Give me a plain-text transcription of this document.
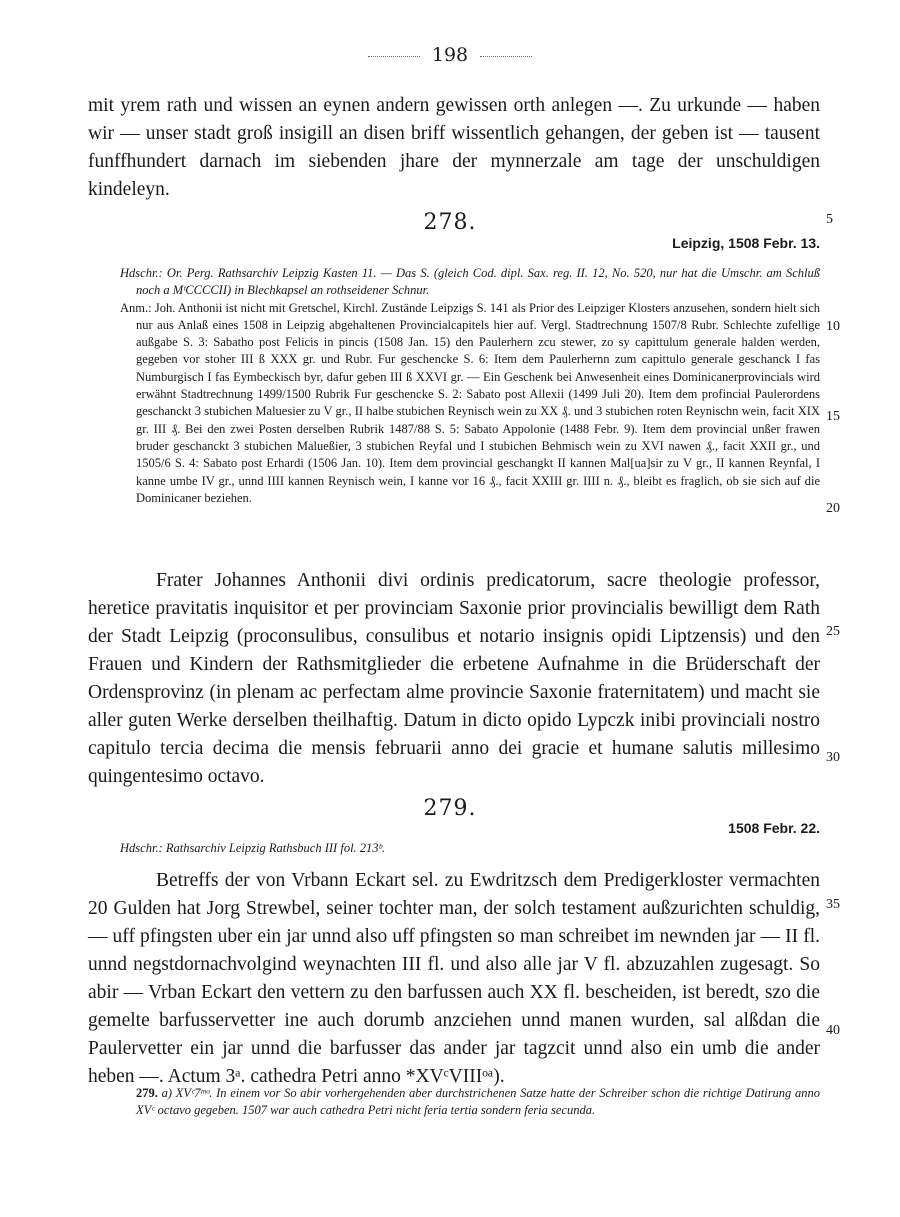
198

mit yrem rath und wissen an eynen andern gewissen orth anlegen —. Zu urkunde — haben wir — unser stadt groß insigill an disen briff wissentlich gehangen, der geben ist — tausent funffhundert darnach im siebenden jhare der mynnerzale am tage der unschuldigen kindeleyn.

278.
Leipzig, 1508 Febr. 13.

Hdschr.: Or. Perg. Rathsarchiv Leipzig Kasten 11. — Das S. (gleich Cod. dipl. Sax. reg. II. 12, No. 520, nur hat die Umschr. am Schluß noch a MᵗCCCCII) in Blechkapsel an rothseidener Schnur.

Anm.: Joh. Anthonii ist nicht mit Gretschel, Kirchl. Zustände Leipzigs S. 141 als Prior des Leipziger Klosters anzusehen, sondern hielt sich nur aus Anlaß eines 1508 in Leipzig abgehaltenen Provincialcapitels hier auf. Vergl. Stadtrechnung 1507/8 Rubr. Schlechte zufellige außgabe S. 3: Sabatho post Felicis in pincis (1508 Jan. 15) den Paulerhern zcu stewer, zo sy capittulum generale halden werden, gegeben vor stoher III ß XXX gr. und Rubr. Fur geschencke S. 6: Item dem Paulerhernn zum capittulo generale geschanck I fas Numburgisch I fas Eymbeckisch byr, dafur geben III ß XXVI gr. — Ein Geschenk bei Anwesenheit eines Dominicanerprovincials wird erwähnt Stadtrechnung 1499/1500 Rubrik Fur geschencke S. 2: Sabato post Allexii (1499 Juli 20). Item dem profincial Paulerordens geschanckt 3 stubichen Maluesier zu V gr., II halbe stubichen Reynisch wein zu XX ₰. und 3 stubichen roten Reynischn wein, facit XIX gr. III ₰. Bei den zwei Posten derselben Rubrik 1487/88 S. 5: Sabato Appolonie (1488 Febr. 9). Item dem provincial unßer frawen bruder geschanckt 3 stubichen Malueßier, 3 stubichen Reyfal und I stubichen Behmisch wein zu XVI nawen ₰., facit XXII gr., und 1505/6 S. 4: Sabato post Erhardi (1506 Jan. 10). Item dem provincial geschangkt II kannen Mal[ua]sir zu V gr., II kannen Reynfal, I kanne umbe IV gr., unnd IIII kannen Reynisch wein, I kanne vor 16 ₰., facit XXIII gr. IIII n. ₰., bleibt es fraglich, ob sie sich auf die Dominicaner beziehen.

Frater Johannes Anthonii divi ordinis predicatorum, sacre theologie professor, heretice pravitatis inquisitor et per provinciam Saxonie prior provincialis bewilligt dem Rath der Stadt Leipzig (proconsulibus, consulibus et notario insignis opidi Liptzensis) und den Frauen und Kindern der Rathsmitglieder die erbetene Aufnahme in die Brüderschaft der Ordensprovinz (in plenam ac perfectam alme provincie Saxonie fraternitatem) und macht sie aller guten Werke derselben theilhaftig. Datum in dicto opido Lypczk inibi provinciali nostro capitulo tercia decima die mensis februarii anno dei gracie et humane salutis millesimo quingentesimo octavo.

279.
1508 Febr. 22.

Hdschr.: Rathsarchiv Leipzig Rathsbuch III fol. 213ᵇ.

Betreffs der von Vrbann Eckart sel. zu Ewdritzsch dem Predigerkloster vermachten 20 Gulden hat Jorg Strewbel, seiner tochter man, der solch testament außzurichten schuldig, — uff pfingsten uber ein jar unnd also uff pfingsten so man schreibet im newnden jar — II fl. unnd negstdornachvolgind weynachten III fl. und also alle jar V fl. abzuzahlen zugesagt. So abir — Vrban Eckart den vettern zu den barfussen auch XX fl. bescheiden, ist beredt, szo die gemelte barfusservetter ine auch dorumb anzciehen unnd manen wurden, sal alßdan die Paulervetter ein jar unnd die barfusser das ander jar tagzcit unnd also ein umb die ander heben —. Actum 3ᵃ. cathedra Petri anno *XVᶜVIIIᵒᵃ).

279. a) XVᶜ7ᵐᵒ. In einem vor So abir vorhergehenden aber durchstrichenen Satze hatte der Schreiber schon die richtige Datirung anno XVᶜ octavo gegeben. 1507 war auch cathedra Petri nicht feria tertia sondern feria secunda.

5
10
15
20
25
30
35
40
